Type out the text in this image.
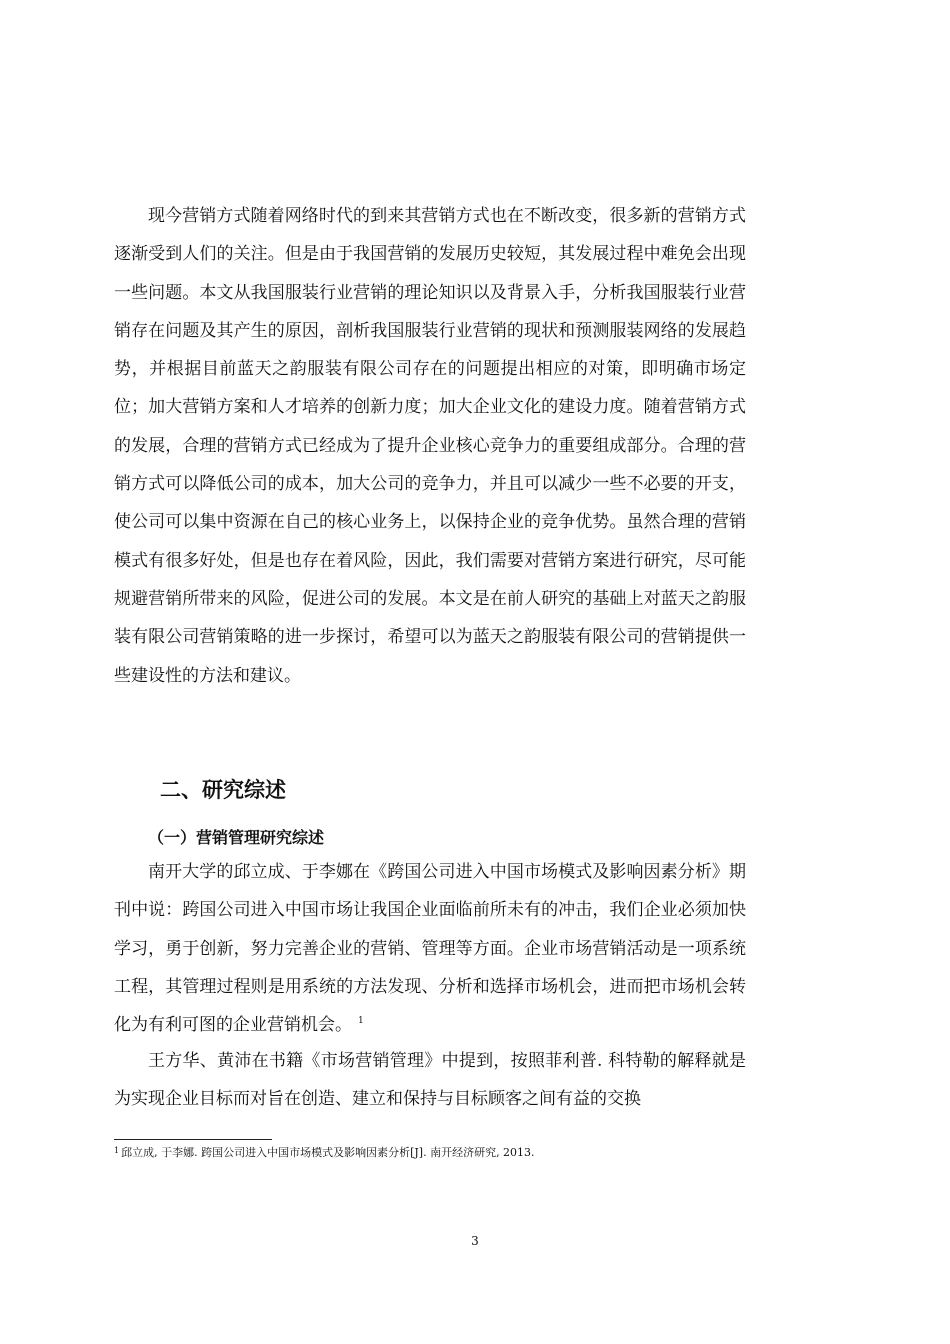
现今营销方式随着网络时代的到来其营销方式也在不断改变，很多新的营销方式逐渐受到人们的关注。但是由于我国营销的发展历史较短，其发展过程中难免会出现一些问题。本文从我国服装行业营销的理论知识以及背景入手，分析我国服装行业营销存在问题及其产生的原因，剖析我国服装行业营销的现状和预测服装网络的发展趋势，并根据目前蓝天之韵服装有限公司存在的问题提出相应的对策，即明确市场定位；加大营销方案和人才培养的创新力度；加大企业文化的建设力度。随着营销方式的发展，合理的营销方式已经成为了提升企业核心竞争力的重要组成部分。合理的营销方式可以降低公司的成本，加大公司的竞争力，并且可以减少一些不必要的开支，使公司可以集中资源在自己的核心业务上，以保持企业的竞争优势。虽然合理的营销模式有很多好处，但是也存在着风险，因此，我们需要对营销方案进行研究，尽可能规避营销所带来的风险，促进公司的发展。本文是在前人研究的基础上对蓝天之韵服装有限公司营销策略的进一步探讨，希望可以为蓝天之韵服装有限公司的营销提供一些建设性的方法和建议。

二、研究综述
（一）营销管理研究综述

南开大学的邱立成、于李娜在《跨国公司进入中国市场模式及影响因素分析》期刊中说：跨国公司进入中国市场让我国企业面临前所未有的冲击，我们企业必须加快学习，勇于创新，努力完善企业的营销、管理等方面。企业市场营销活动是一项系统工程，其管理过程则是用系统的方法发现、分析和选择市场机会，进而把市场机会转化为有利可图的企业营销机会。 $^1$

王方华、黄沛在书籍《市场营销管理》中提到，按照菲利普. 科特勒的解释就是为实现企业目标而对旨在创造、建立和保持与目标顾客之间有益的交换

$^1$ 邱立成, 于李娜. 跨国公司进入中国市场模式及影响因素分析[J]. 南开经济研究, 2013.

3
